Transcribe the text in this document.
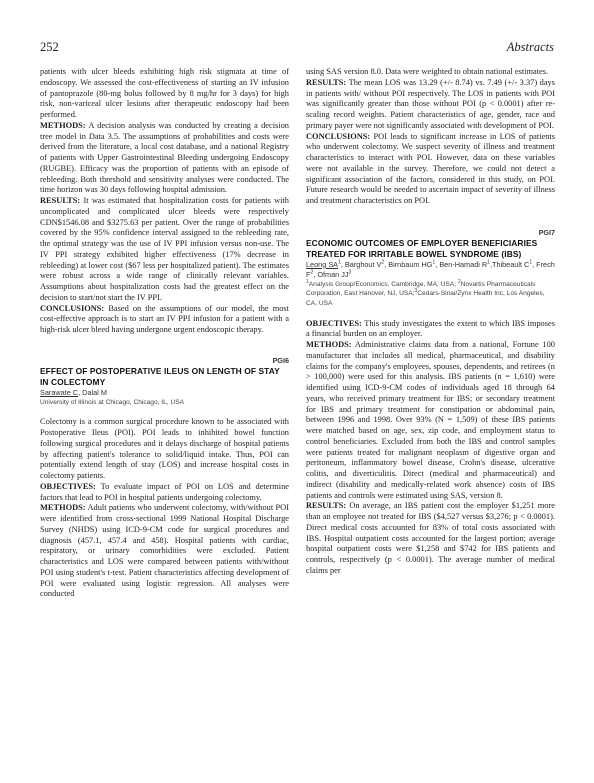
252	Abstracts

patients with ulcer bleeds exhibiting high risk stigmata at time of endoscopy. We assessed the cost-effectiveness of starting an IV infusion of pantoprazole (80-mg bolus followed by 8 mg/hr for 3 days) for high risk, non-variceal ulcer lesions after therapeutic endoscopy had been performed.

METHODS: A decision analysis was conducted by creating a decision tree model in Data 3.5. The assumptions of probabilities and costs were derived from the literature, a local cost database, and a national Registry of patients with Upper Gastrointestinal Bleeding undergoing Endoscopy (RUGBE). Efficacy was the proportion of patients with an episode of rebleeding. Both threshold and sensitivity analyses were conducted. The time horizon was 30 days following hospital admission.

RESULTS: It was estimated that hospitalization costs for patients with uncomplicated and complicated ulcer bleeds were respectively CDN$1546.08 and $3275.63 per patient. Over the range of probabilities covered by the 95% confidence interval assigned to the rebleeding rate, the optimal strategy was the use of IV PPI infusion versus non-use. The IV PPI strategy exhibited higher effectiveness (17% decrease in rebleeding) at lower cost ($67 less per hospitalized patient). The estimates were robust across a wide range of clinically relevant variables. Assumptions about hospitalization costs had the greatest effect on the decision to start/not start the IV PPI.

CONCLUSIONS: Based on the assumptions of our model, the most cost-effective approach is to start an IV PPI infusion for a patient with a high-risk ulcer bleed having undergone urgent endoscopic therapy.

PGI6
EFFECT OF POSTOPERATIVE ILEUS ON LENGTH OF STAY IN COLECTOMY
Sarawate C, Dalal M
University of Illinois at Chicago, Chicago, IL, USA

Colectomy is a common surgical procedure known to be associated with Postoperative Ileus (POI). POI leads to inhibited bowel function following surgical procedures and it delays discharge of hospital patients by affecting patient's tolerance to solid/liquid intake. Thus, POI can potentially extend length of stay (LOS) and increase hospital costs in colectomy patients.

OBJECTIVES: To evaluate impact of POI on LOS and determine factors that lead to POI in hospital patients undergoing colectomy.

METHODS: Adult patients who underwent colectomy, with/without POI were identified from cross-sectional 1999 National Hospital Discharge Survey (NHDS) using ICD-9-CM code for surgical procedures and diagnosis (457.1, 457.4 and 458). Hospital patients with cardiac, respiratory, or urinary comorbidities were excluded. Patient characteristics and LOS were compared between patients with/without POI using student's t-test. Patient characteristics affecting development of POI were evaluated using logistic regression. All analyses were conducted

using SAS version 8.0. Data were weighted to obtain national estimates.

RESULTS: The mean LOS was 13.29 (+/- 8.74) vs. 7.49 (+/- 3.37) days in patients with/ without POI respectively. The LOS in patients with POI was significantly greater than those without POI (p < 0.0001) after re-scaling record weights. Patient characteristics of age, gender, race and primary payer were not significantly associated with development of POI.

CONCLUSIONS: POI leads to significant increase in LOS of patients who underwent colectomy. We suspect severity of illness and treatment characteristics to interact with POI. However, data on these variables were not available in the survey. Therefore, we could not detect a significant association of the factors, considered in this study, on POI. Future research would be needed to ascertain impact of severity of illness and treatment characteristics on POI.

PGI7
ECONOMIC OUTCOMES OF EMPLOYER BENEFICIARIES TREATED FOR IRRITABLE BOWEL SYNDROME (IBS)
Leong $SA^1$, Barghout $V^2$, Birnbaum $HG^1$, Ben-Hamadi $R^1,Thibeault$ $C^1$, Frech $F^2$, Ofman $JJ^3$
$^1$Analysis Group/Economics, Cambridge, MA, USA; $^2$Novartis Pharmaceuticals Corporation, East Hanover, NJ, USA;$^3$Cedars-Sinai/Zynx Health Inc, Los Angeles, CA, USA

OBJECTIVES: This study investigates the extent to which IBS imposes a financial burden on an employer.

METHODS: Administrative claims data from a national, Fortune 100 manufacturer that includes all medical, pharmaceutical, and disability claims for the company's employees, spouses, dependents, and retirees (n > 100,000) were used for this analysis. IBS patients (n = 1,610) were identified using ICD-9-CM codes of individuals aged 18 through 64 years, who received primary treatment for IBS; or secondary treatment for IBS and primary treatment for constipation or abdominal pain, between 1996 and 1998. Over 93% (N = 1,509) of these IBS patients were matched based on age, sex, zip code, and employment status to control beneficiaries. Excluded from both the IBS and control samples were patients treated for malignant neoplasm of digestive organ and peritoneum, inflammatory bowel disease, Crohn's disease, ulcerative colitis, and diverticulitis. Direct (medical and pharmaceutical) and indirect (disability and medically-related work absence) costs of IBS patients and controls were estimated using SAS, version 8.

RESULTS: On average, an IBS patient cost the employer $1,251 more than an employee not treated for IBS ($4,527 versus $3,276; p < 0.0001). Direct medical costs accounted for 83% of total costs associated with IBS. Hospital outpatient costs accounted for the largest portion; average hospital outpatient costs were $1,258 and $742 for IBS patients and controls, respectively (p < 0.0001). The average number of medical claims per
